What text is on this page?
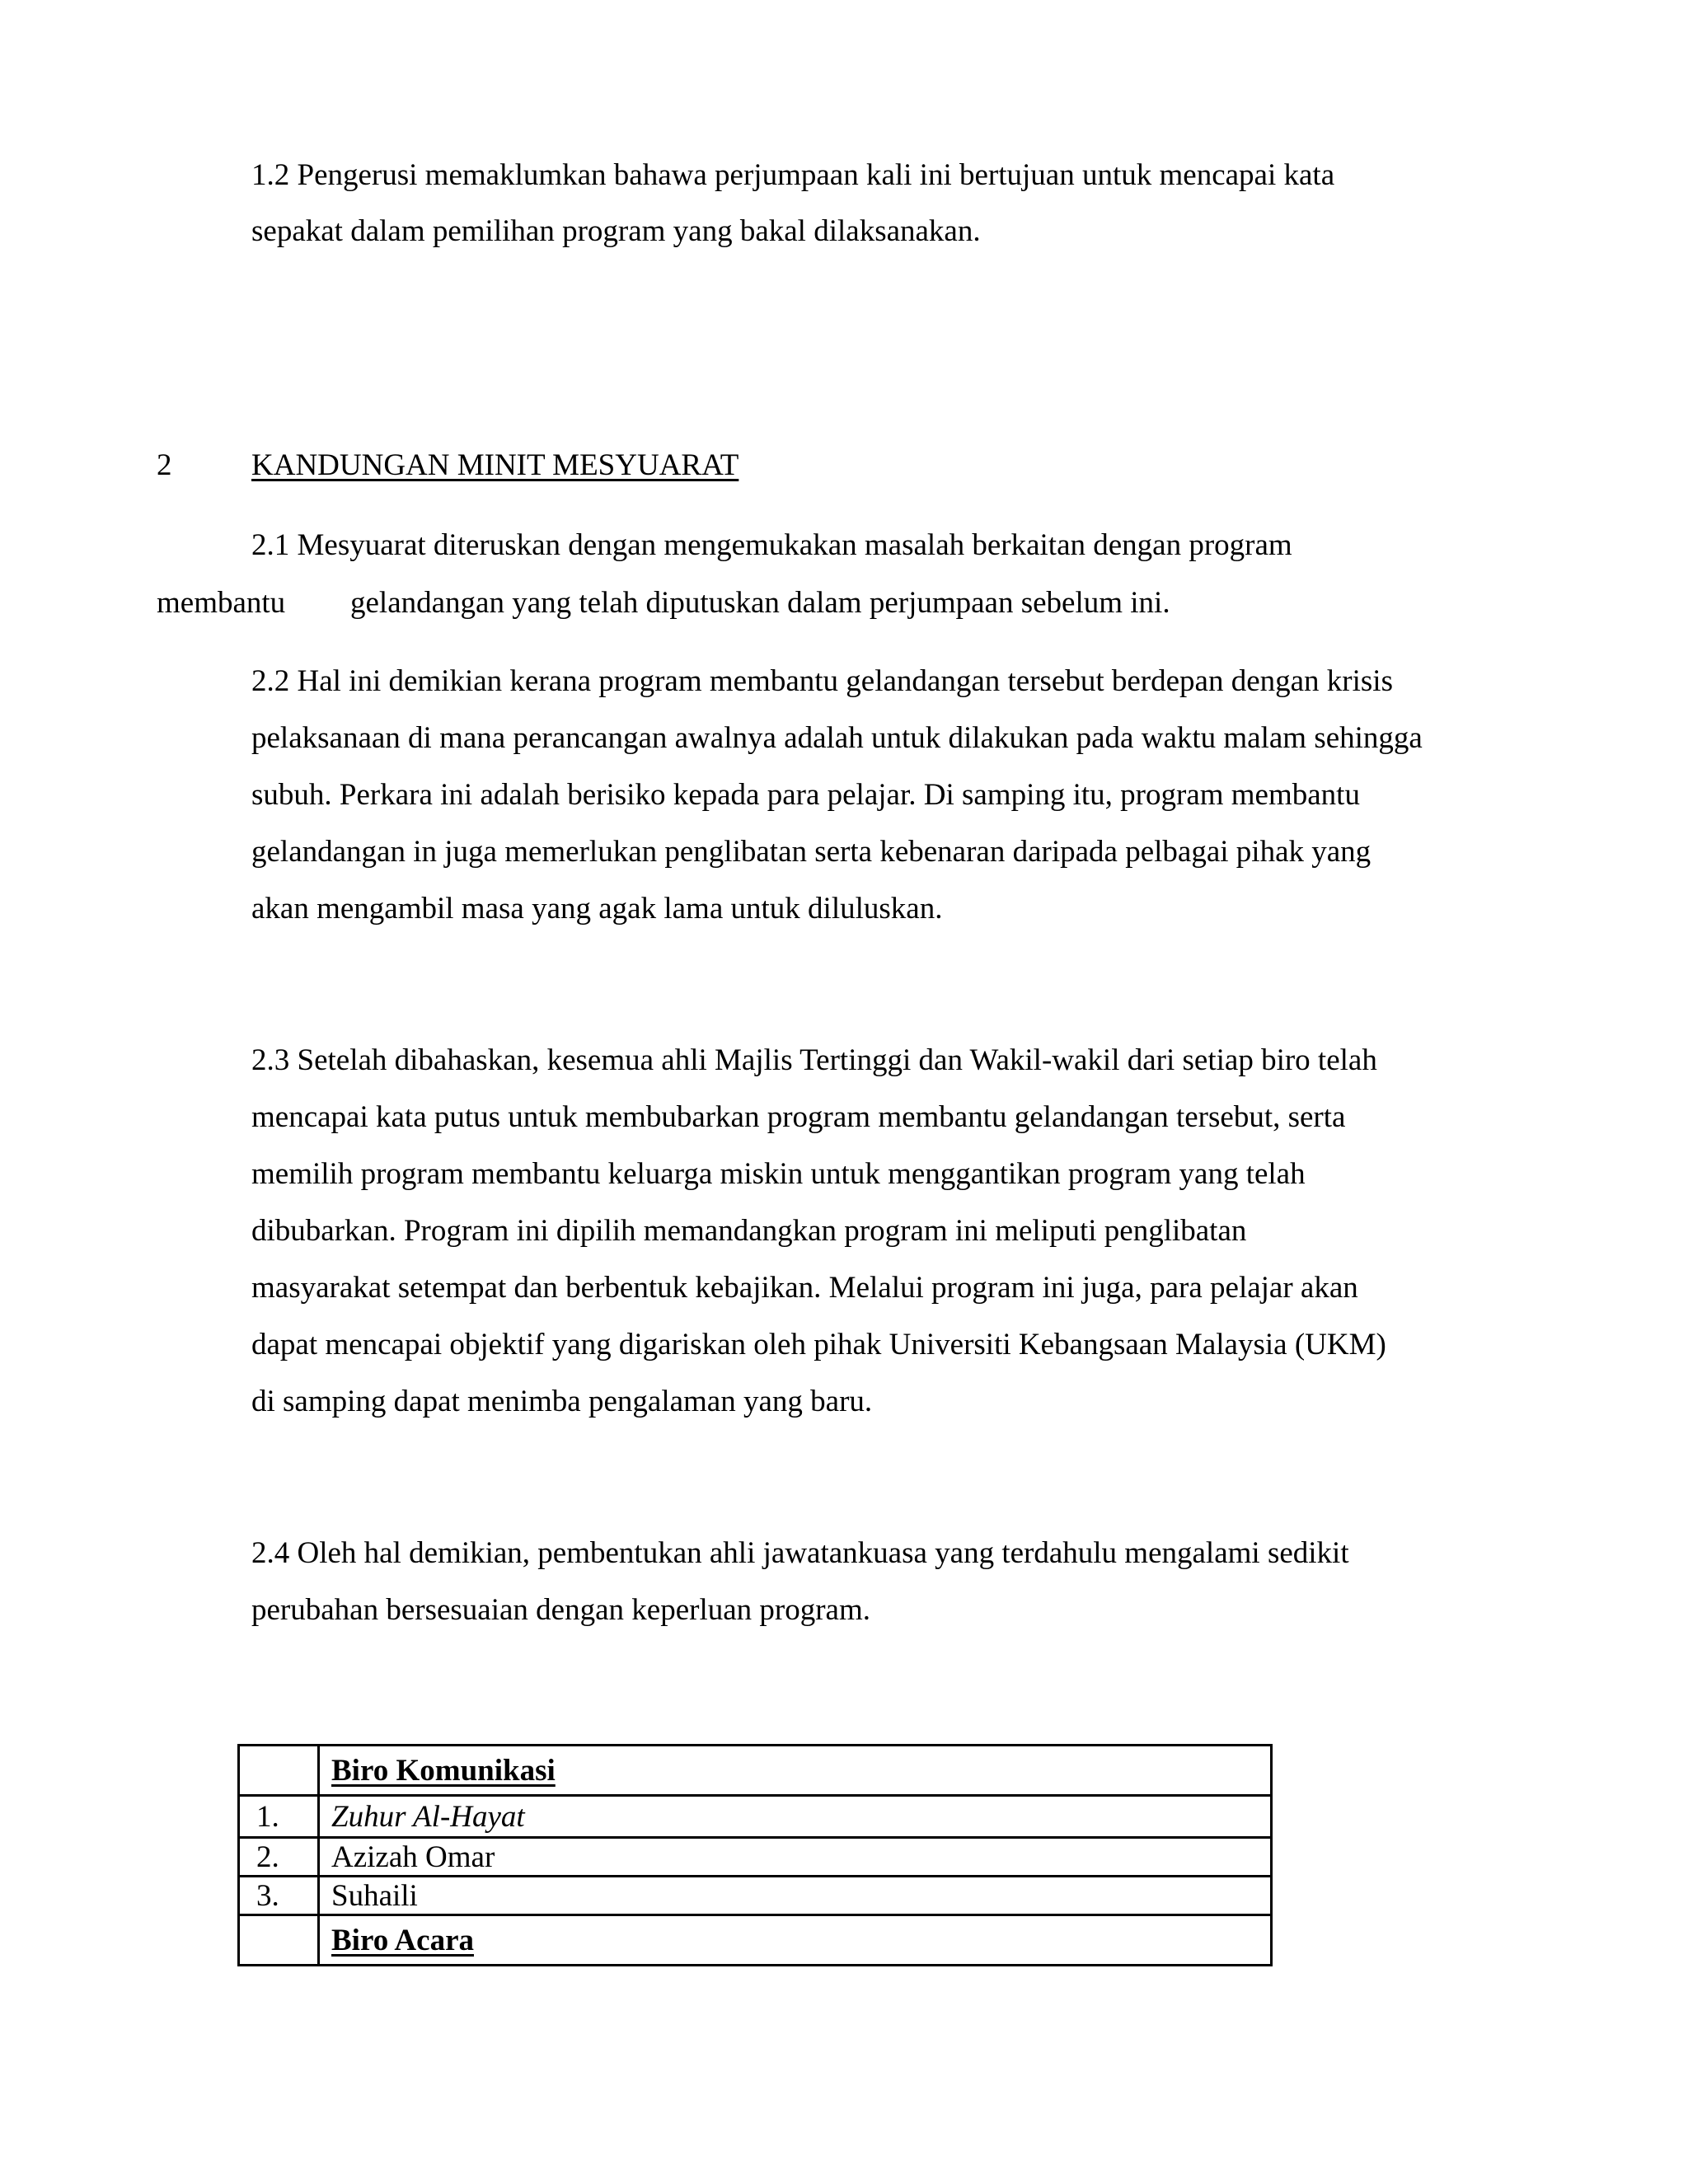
1.2 Pengerusi memaklumkan bahawa perjumpaan kali ini bertujuan untuk mencapai kata
sepakat dalam pemilihan program yang bakal dilaksanakan.
2	KANDUNGAN MINIT MESYUARAT
2.1 Mesyuarat diteruskan dengan mengemukakan masalah berkaitan dengan program
membantu gelandangan yang telah diputuskan dalam perjumpaan sebelum ini.
2.2 Hal ini demikian kerana program membantu gelandangan tersebut berdepan dengan krisis
pelaksanaan di mana perancangan awalnya adalah untuk dilakukan pada waktu malam sehingga
subuh. Perkara ini adalah berisiko kepada para pelajar. Di samping itu, program membantu
gelandangan in juga memerlukan penglibatan serta kebenaran daripada pelbagai pihak yang
akan mengambil masa yang agak lama untuk diluluskan.
2.3 Setelah dibahaskan, kesemua ahli Majlis Tertinggi dan Wakil-wakil dari setiap biro telah
mencapai kata putus untuk membubarkan program membantu gelandangan tersebut, serta
memilih program membantu keluarga miskin untuk menggantikan program yang telah
dibubarkan. Program ini dipilih memandangkan program ini meliputi penglibatan
masyarakat setempat dan berbentuk kebajikan. Melalui program ini juga, para pelajar akan
dapat mencapai objektif yang digariskan oleh pihak Universiti Kebangsaan Malaysia (UKM)
di samping dapat menimba pengalaman yang baru.
2.4 Oleh hal demikian, pembentukan ahli jawatankuasa yang terdahulu mengalami sedikit
perubahan bersesuaian dengan keperluan program.
	Biro Komunikasi
1.	Zuhur Al-Hayat
2.	Azizah Omar
3.	Suhaili
	Biro Acara
